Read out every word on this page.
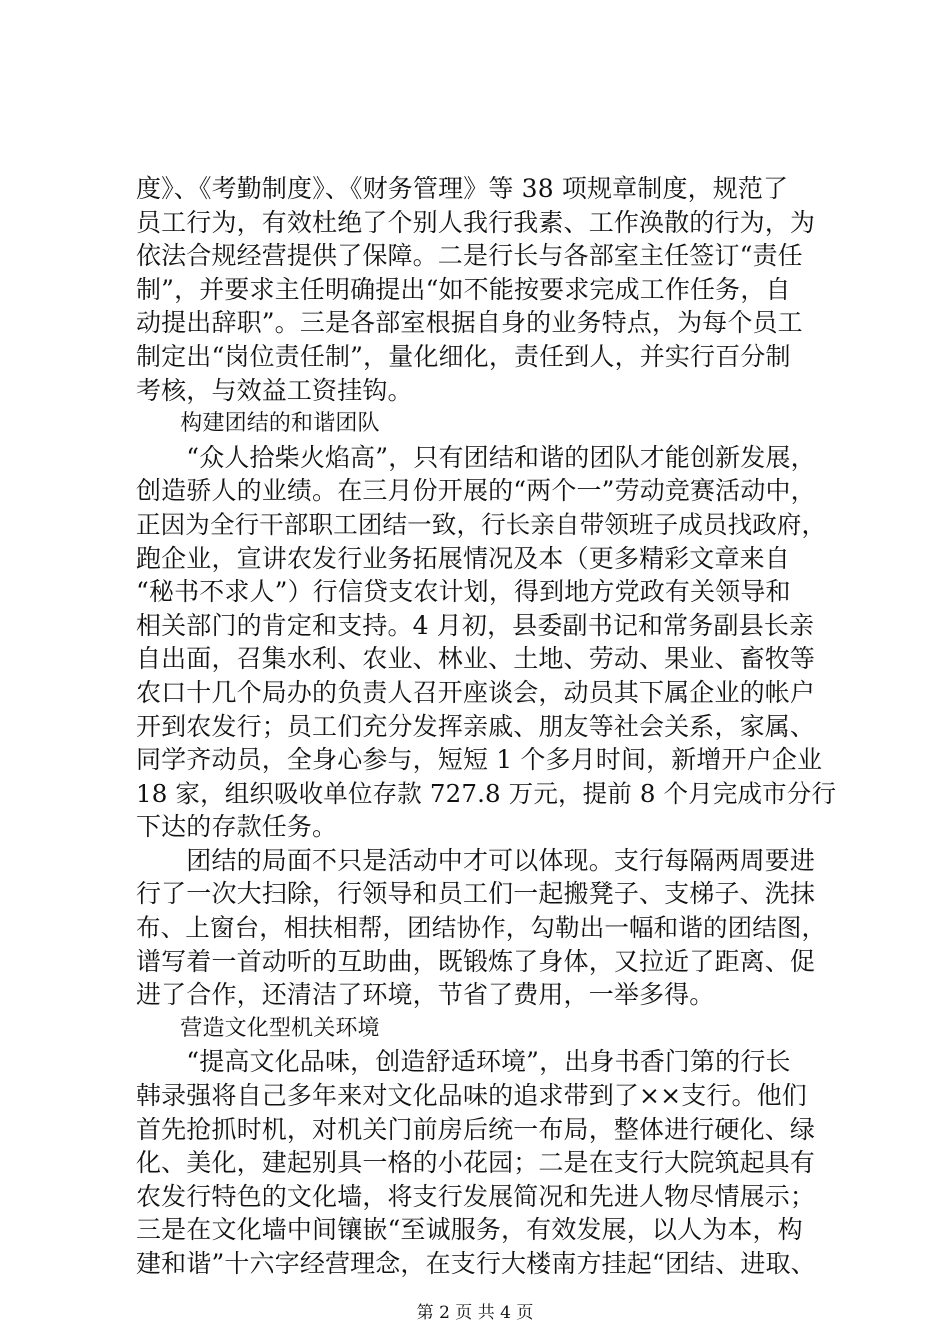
度》、《考勤制度》、《财务管理》等 38 项规章制度，规范了
员工行为，有效杜绝了个别人我行我素、工作涣散的行为，为
依法合规经营提供了保障。二是行长与各部室主任签订“责任
制”，并要求主任明确提出“如不能按要求完成工作任务，自
动提出辞职”。三是各部室根据自身的业务特点，为每个员工
制定出“岗位责任制”，量化细化，责任到人，并实行百分制
考核，与效益工资挂钩。
　　构建团结的和谐团队
　　“众人拾柴火焰高”，只有团结和谐的团队才能创新发展，
创造骄人的业绩。在三月份开展的“两个一”劳动竞赛活动中，
正因为全行干部职工团结一致，行长亲自带领班子成员找政府，
跑企业，宣讲农发行业务拓展情况及本（更多精彩文章来自
“秘书不求人”）行信贷支农计划，得到地方党政有关领导和
相关部门的肯定和支持。4 月初，县委副书记和常务副县长亲
自出面，召集水利、农业、林业、土地、劳动、果业、畜牧等
农口十几个局办的负责人召开座谈会，动员其下属企业的帐户
开到农发行；员工们充分发挥亲戚、朋友等社会关系，家属、
同学齐动员，全身心参与，短短 1 个多月时间，新增开户企业
18 家，组织吸收单位存款 727.8 万元，提前 8 个月完成市分行
下达的存款任务。
　　团结的局面不只是活动中才可以体现。支行每隔两周要进
行了一次大扫除，行领导和员工们一起搬凳子、支梯子、洗抹
布、上窗台，相扶相帮，团结协作，勾勒出一幅和谐的团结图，
谱写着一首动听的互助曲，既锻炼了身体，又拉近了距离、促
进了合作，还清洁了环境，节省了费用，一举多得。
　　营造文化型机关环境
　　“提高文化品味，创造舒适环境”，出身书香门第的行长
韩录强将自己多年来对文化品味的追求带到了××支行。他们
首先抢抓时机，对机关门前房后统一布局，整体进行硬化、绿
化、美化，建起别具一格的小花园；二是在支行大院筑起具有
农发行特色的文化墙，将支行发展简况和先进人物尽情展示；
三是在文化墙中间镶嵌“至诚服务，有效发展，以人为本，构
建和谐”十六字经营理念，在支行大楼南方挂起“团结、进取、
第 2 页 共 4 页
